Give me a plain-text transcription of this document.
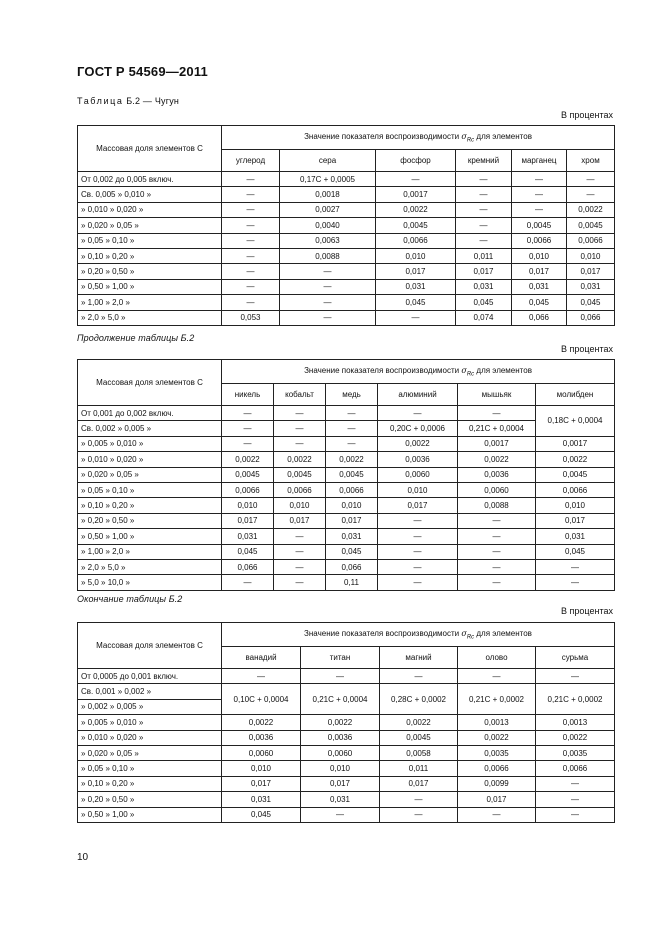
ГОСТ Р 54569—2011
Таблица Б.2 — Чугун
В процентах
Массовая доля элементов С	Значение показателя воспроизводимости $\sigma_{Rc}$ для элементов					
	углерод	сера	фосфор	кремний	марганец	хром
От 0,002 до 0,005 включ.	—	0,17С + 0,0005	—	—	—	—
Св. 0,005 » 0,010 »	—	0,0018	0,0017	—	—	—
» 0,010 » 0,020 »	—	0,0027	0,0022	—	—	0,0022
» 0,020 » 0,05 »	—	0,0040	0,0045	—	0,0045	0,0045
» 0,05 » 0,10 »	—	0,0063	0,0066	—	0,0066	0,0066
» 0,10 » 0,20 »	—	0,0088	0,010	0,011	0,010	0,010
» 0,20 » 0,50 »	—	—	0,017	0,017	0,017	0,017
» 0,50 » 1,00 »	—	—	0,031	0,031	0,031	0,031
» 1,00 » 2,0 »	—	—	0,045	0,045	0,045	0,045
» 2,0 » 5,0 »	0,053	—	—	0,074	0,066	0,066
Продолжение таблицы Б.2
В процентах
Массовая доля элементов С	Значение показателя воспроизводимости $\sigma_{Rc}$ для элементов					
	никель	кобальт	медь	алюминий	мышьяк	молибден
От 0,001 до 0,002 включ.	—	—	—	—	—	0,18С + 0,0004
Св. 0,002 » 0,005 »	—	—	—	0,20С + 0,0006	0,21С + 0,0004	
» 0,005 » 0,010 »	—	—	—	0,0022	0,0017	0,0017
» 0,010 » 0,020 »	0,0022	0,0022	0,0022	0,0036	0,0022	0,0022
» 0,020 » 0,05 »	0,0045	0,0045	0,0045	0,0060	0,0036	0,0045
» 0,05 » 0,10 »	0,0066	0,0066	0,0066	0,010	0,0060	0,0066
» 0,10 » 0,20 »	0,010	0,010	0,010	0,017	0,0088	0,010
» 0,20 » 0,50 »	0,017	0,017	0,017	—	—	0,017
» 0,50 » 1,00 »	0,031	—	0,031	—	—	0,031
» 1,00 » 2,0 »	0,045	—	0,045	—	—	0,045
» 2,0 » 5,0 »	0,066	—	0,066	—	—	—
» 5,0 » 10,0 »	—	—	0,11	—	—	—
Окончание таблицы Б.2
В процентах
Массовая доля элементов С	Значение показателя воспроизводимости $\sigma_{Rc}$ для элементов				
	ванадий	титан	магний	олово	сурьма
От 0,0005 до 0,001 включ.	—	—	—	—	—
Св. 0,001 » 0,002 »	0,10С + 0,0004	0,21С + 0,0004	0,28С + 0,0002	0,21С + 0,0002	0,21С + 0,0002
» 0,002 » 0,005 »					
» 0,005 » 0,010 »	0,0022	0,0022	0,0022	0,0013	0,0013
» 0,010 » 0,020 »	0,0036	0,0036	0,0045	0,0022	0,0022
» 0,020 » 0,05 »	0,0060	0,0060	0,0058	0,0035	0,0035
» 0,05 » 0,10 »	0,010	0,010	0,011	0,0066	0,0066
» 0,10 » 0,20 »	0,017	0,017	0,017	0,0099	—
» 0,20 » 0,50 »	0,031	0,031	—	0,017	—
» 0,50 » 1,00 »	0,045	—	—	—	—
10
